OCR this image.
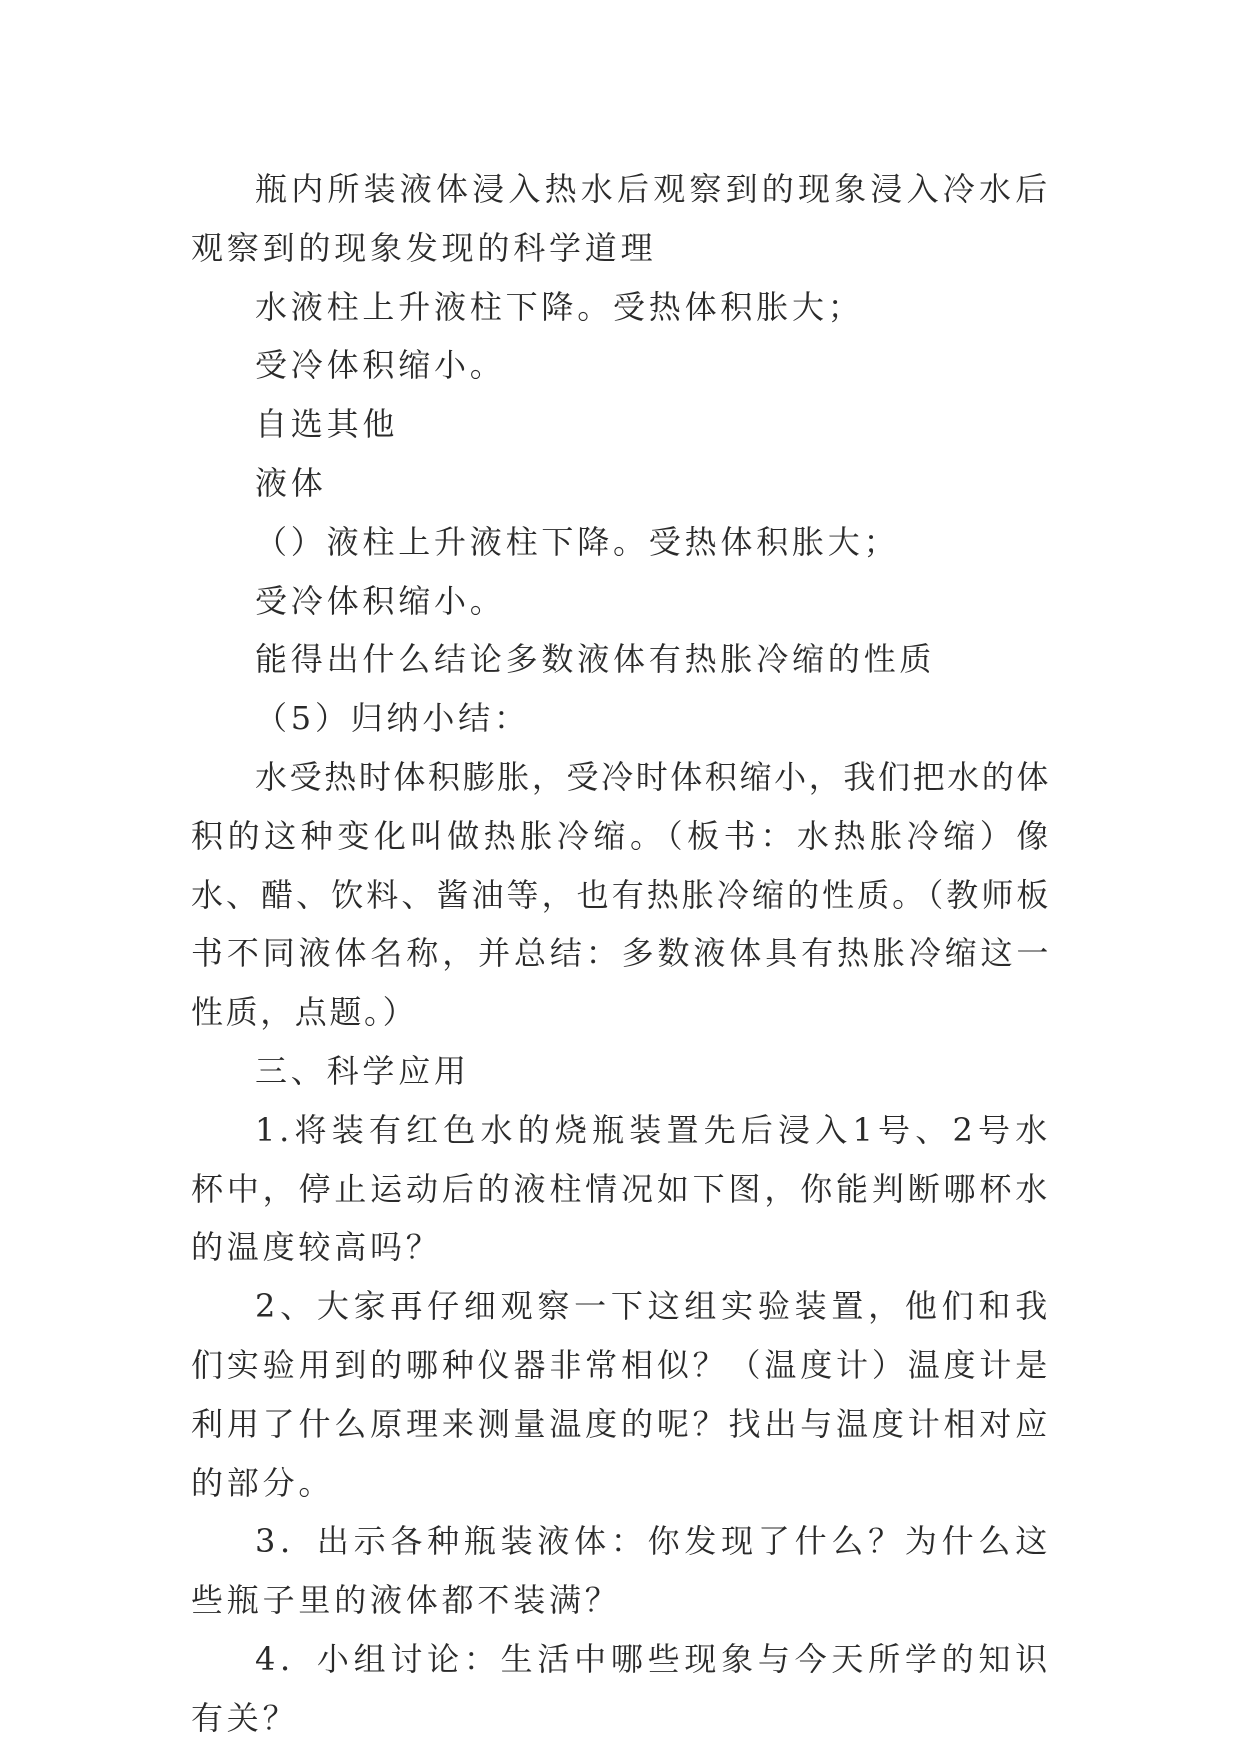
瓶内所装液体浸入热水后观察到的现象浸入冷水后观察到的现象发现的科学道理

水液柱上升液柱下降。受热体积胀大；

受冷体积缩小。

自选其他

液体

（）液柱上升液柱下降。受热体积胀大；

受冷体积缩小。

能得出什么结论多数液体有热胀冷缩的性质

（5）归纳小结：

水受热时体积膨胀，受冷时体积缩小，我们把水的体积的这种变化叫做热胀冷缩。（板书：水热胀冷缩）像水、醋、饮料、酱油等，也有热胀冷缩的性质。（教师板书不同液体名称，并总结：多数液体具有热胀冷缩这一性质，点题。）

三、科学应用

1.将装有红色水的烧瓶装置先后浸入1号、2号水杯中，停止运动后的液柱情况如下图，你能判断哪杯水的温度较高吗？

2、大家再仔细观察一下这组实验装置，他们和我们实验用到的哪种仪器非常相似？（温度计）温度计是利用了什么原理来测量温度的呢？找出与温度计相对应的部分。

3．出示各种瓶装液体：你发现了什么？为什么这些瓶子里的液体都不装满？

4．小组讨论：生活中哪些现象与今天所学的知识有关？
